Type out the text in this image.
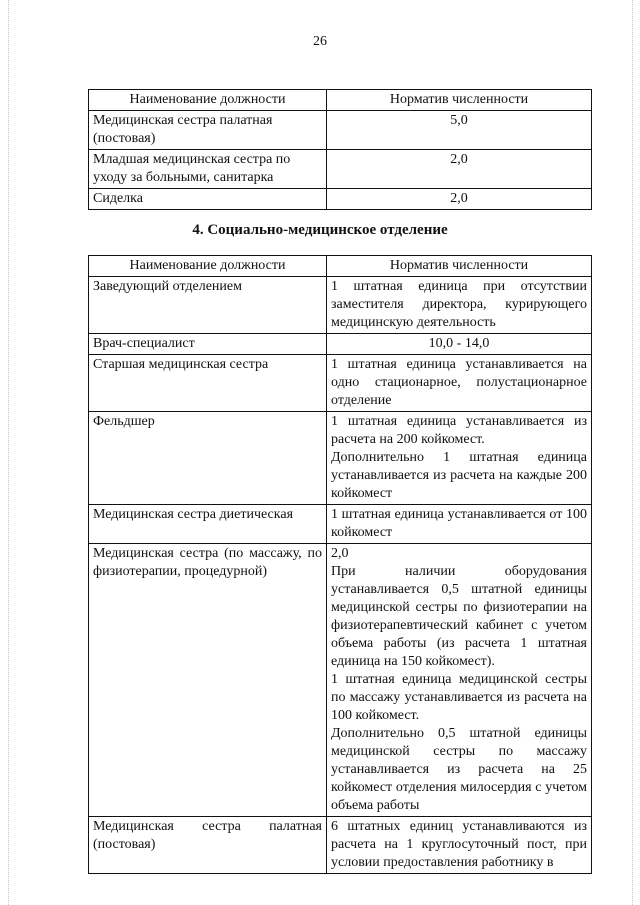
26
Наименование должности	Норматив численности
Медицинская сестра палатная (постовая)	5,0
Младшая медицинская сестра по уходу за больными, санитарка	2,0
Сиделка	2,0
4. Социально-медицинское отделение
Наименование должности	Норматив численности
Заведующий отделением	1 штатная единица при отсутствии заместителя директора, курирующего медицинскую деятельность
Врач-специалист	10,0 - 14,0
Старшая медицинская сестра	1 штатная единица устанавливается на одно стационарное, полустационарное отделение
Фельдшер	1 штатная единица устанавливается из расчета на 200 койкомест.

Дополнительно 1 штатная единица устанавливается из расчета на каждые 200 койкомест

Медицинская сестра диетическая	1 штатная единица устанавливается от 100 койкомест
Медицинская сестра (по массажу, по физиотерапии, процедурной)	2,0

При наличии оборудования устанавливается 0,5 штатной единицы медицинской сестры по физиотерапии на физиотерапевтический кабинет с учетом объема работы (из расчета 1 штатная единица на 150 койкомест).

1 штатная единица медицинской сестры по массажу устанавливается из расчета на 100 койкомест.

Дополнительно 0,5 штатной единицы медицинской сестры по массажу устанавливается из расчета на 25 койкомест отделения милосердия с учетом объема работы

Медицинская сестра палатная (постовая)	6 штатных единиц устанавливаются из расчета на 1 круглосуточный пост, при условии предоставления работнику в
